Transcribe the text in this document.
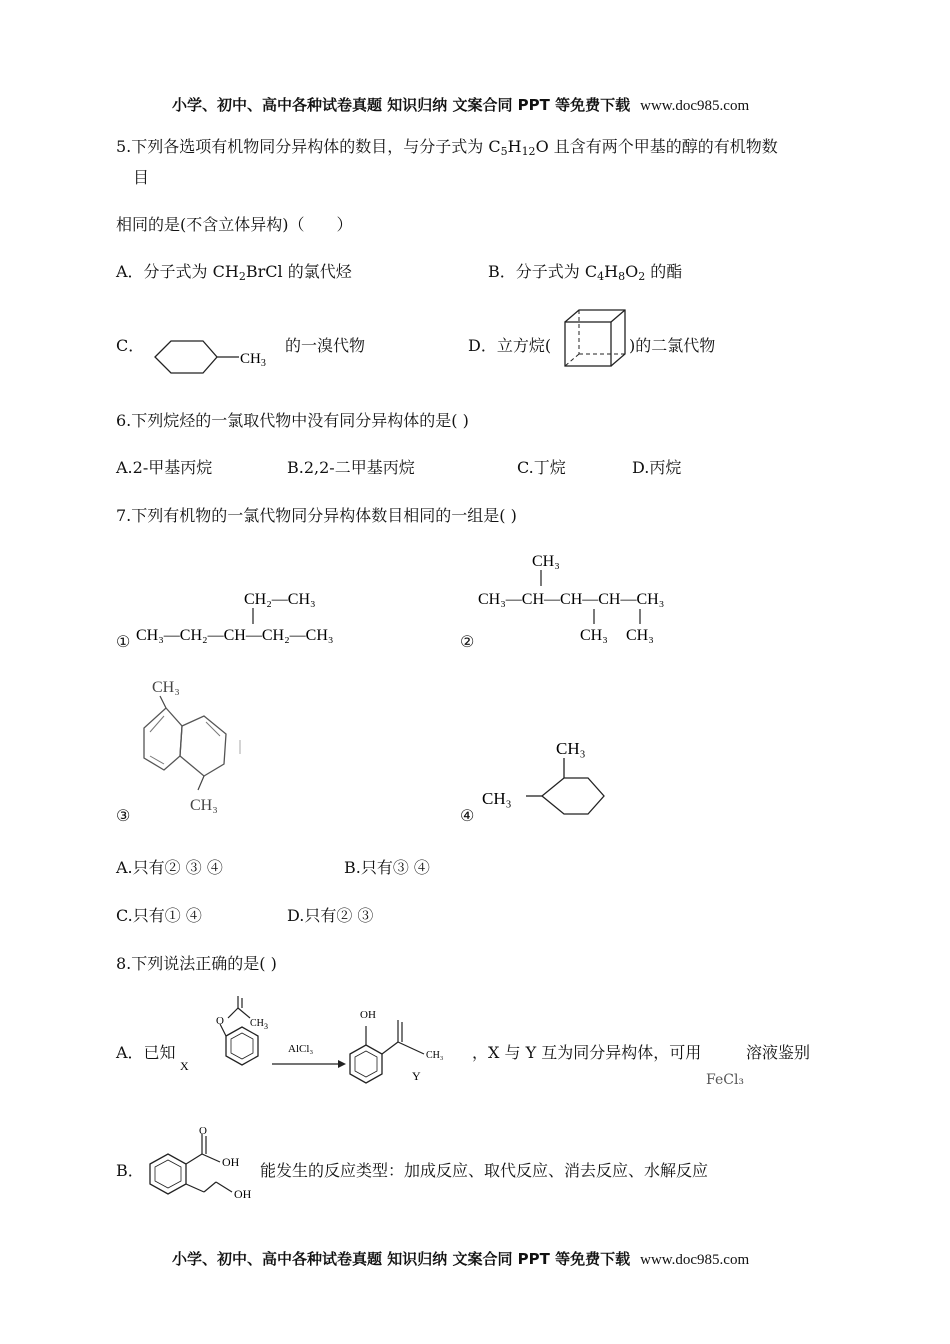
小学、初中、高中各种试卷真题 知识归纳 文案合同 PPT 等免费下载 www.doc985.com
5.下列各选项有机物同分异构体的数目，与分子式为 $C_5H_{12}O$ 且含有两个甲基的醇的有机物数
目
相同的是(不含立体异构)（　　）
A．分子式为 $CH_2BrCl$ 的氯代烃	B．分子式为 $C_4H_8O_2$ 的酯
C．
$CH_3$
的一溴代物	D．立方烷(	)的二氯代物
6.下列烷烃的一氯取代物中没有同分异构体的是( )
A.2-甲基丙烷	B.2,2-二甲基丙烷	C.丁烷	D.丙烷
7.下列有机物的一氯代物同分异构体数目相同的一组是( )
①
CH₂—CH₃
CH₃—CH₂—CH—CH₂—CH₃	②
CH₃
CH₃—CH—CH—CH—CH₃
CH₃ CH₃
③
CH₃
CH₃
④
CH₃
CH₃
A.只有② ③ ④	B.只有③ ④
C.只有① ④	D.只有② ③
8.下列说法正确的是( )
A．已知
O	CH 3
X
AlCl₃
OH
CH₃
Y
，X 与 Y 互为同分异构体，可用	溶液鉴别
FeCl₃
B．
O
OH
OH
能发生的反应类型：加成反应、取代反应、消去反应、水解反应
小学、初中、高中各种试卷真题 知识归纳 文案合同 PPT 等免费下载 www.doc985.com
